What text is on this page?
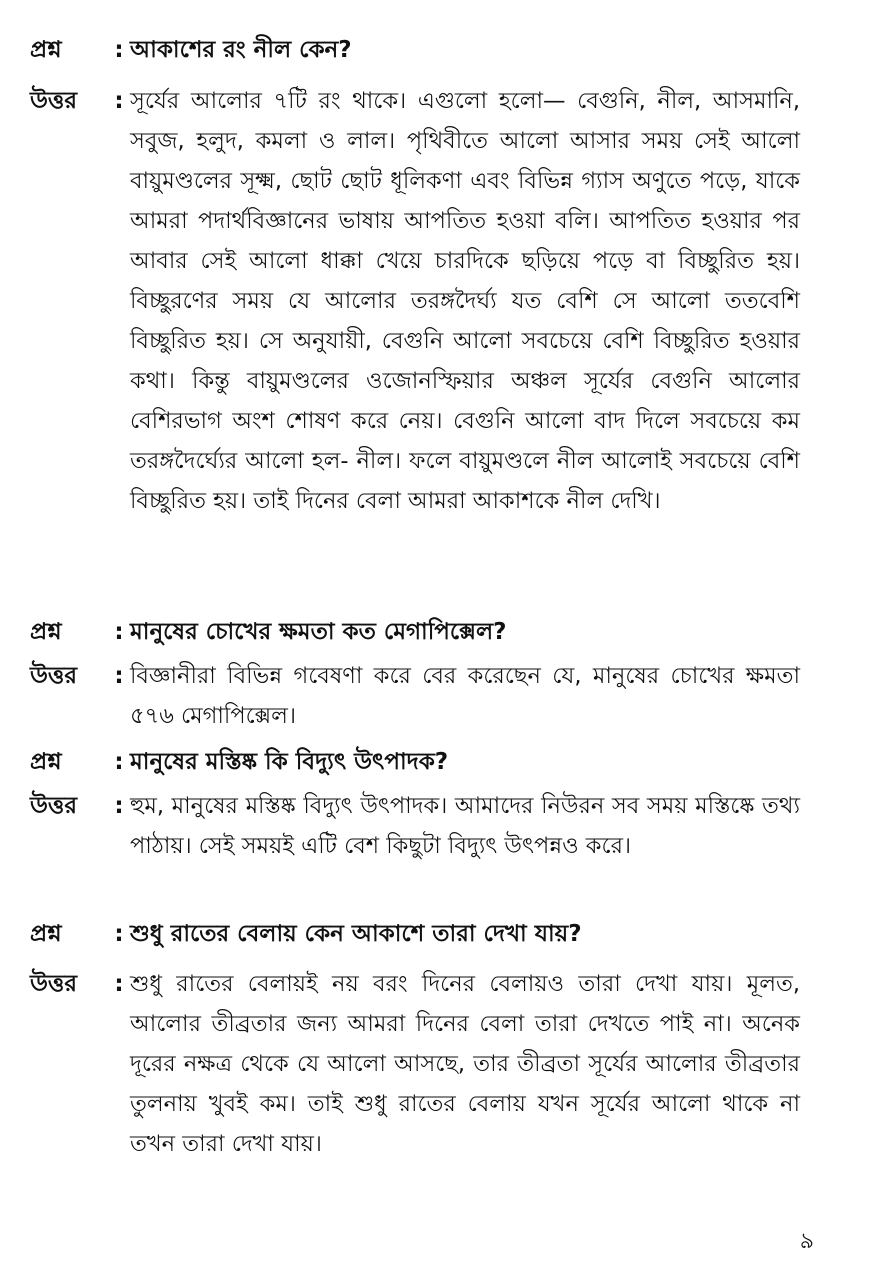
প্রশ্ন	: আকাশের রং নীল কেন?
উত্তর	: সূর্যের আলোর ৭টি রং থাকে। এগুলো হলো— বেগুনি, নীল, আসমানি, সবুজ, হলুদ, কমলা ও লাল। পৃথিবীতে আলো আসার সময় সেই আলো বায়ুমণ্ডলের সূক্ষ্ম, ছোট ছোট ধূলিকণা এবং বিভিন্ন গ্যাস অণুতে পড়ে, যাকে আমরা পদার্থবিজ্ঞানের ভাষায় আপতিত হওয়া বলি। আপতিত হওয়ার পর আবার সেই আলো ধাক্কা খেয়ে চারদিকে ছড়িয়ে পড়ে বা বিচ্ছুরিত হয়। বিচ্ছুরণের সময় যে আলোর তরঙ্গদৈর্ঘ্য যত বেশি সে আলো ততবেশি বিচ্ছুরিত হয়। সে অনুযায়ী, বেগুনি আলো সবচেয়ে বেশি বিচ্ছুরিত হওয়ার কথা। কিন্তু বায়ুমণ্ডলের ওজোনস্ফিয়ার অঞ্চল সূর্যের বেগুনি আলোর বেশিরভাগ অংশ শোষণ করে নেয়। বেগুনি আলো বাদ দিলে সবচেয়ে কম তরঙ্গদৈর্ঘ্যের আলো হল- নীল। ফলে বায়ুমণ্ডলে নীল আলোই সবচেয়ে বেশি বিচ্ছুরিত হয়। তাই দিনের বেলা আমরা আকাশকে নীল দেখি।
প্রশ্ন	: মানুষের চোখের ক্ষমতা কত মেগাপিক্সেল?
উত্তর	: বিজ্ঞানীরা বিভিন্ন গবেষণা করে বের করেছেন যে, মানুষের চোখের ক্ষমতা ৫৭৬ মেগাপিক্সেল।
প্রশ্ন	: মানুষের মস্তিষ্ক কি বিদ্যুৎ উৎপাদক?
উত্তর	: হুম, মানুষের মস্তিষ্ক বিদ্যুৎ উৎপাদক। আমাদের নিউরন সব সময় মস্তিষ্কে তথ্য পাঠায়। সেই সময়ই এটি বেশ কিছুটা বিদ্যুৎ উৎপন্নও করে।
প্রশ্ন	: শুধু রাতের বেলায় কেন আকাশে তারা দেখা যায়?
উত্তর	: শুধু রাতের বেলায়ই নয় বরং দিনের বেলায়ও তারা দেখা যায়। মূলত, আলোর তীব্রতার জন্য আমরা দিনের বেলা তারা দেখতে পাই না। অনেক দূরের নক্ষত্র থেকে যে আলো আসছে, তার তীব্রতা সূর্যের আলোর তীব্রতার তুলনায় খুবই কম। তাই শুধু রাতের বেলায় যখন সূর্যের আলো থাকে না তখন তারা দেখা যায়।
৯
